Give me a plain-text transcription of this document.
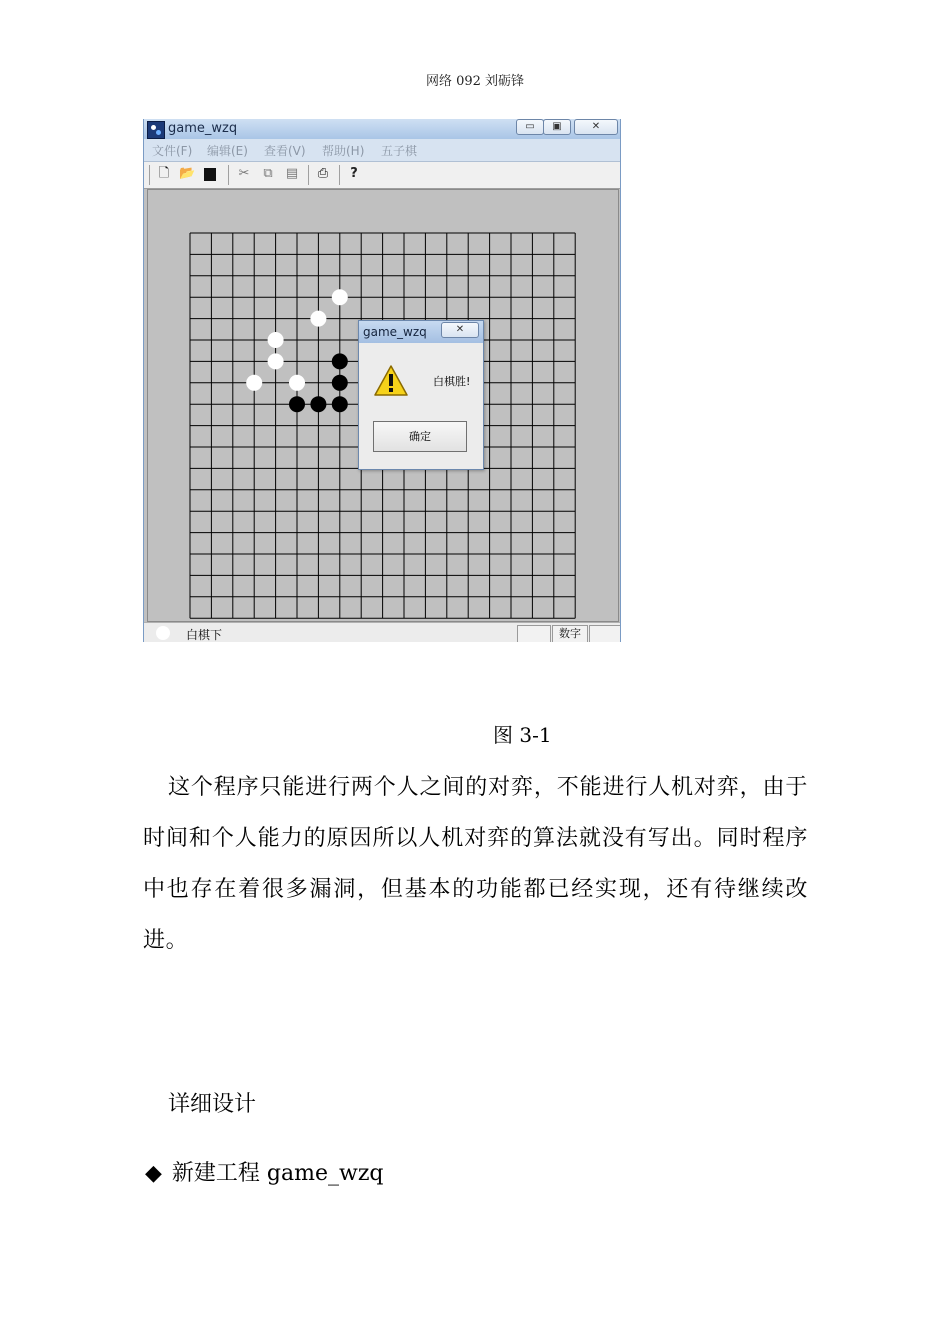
网络 092 刘砺锋
game_wzq	▭	▣	✕
文件(F) 编辑(E) 查看(V) 帮助(H) 五子棋
🗋 📂	✂ ⧉ ▤ ⎙	?
game_wzq	✕
白棋胜!
确定
白棋下	数字
图 3-1
这个程序只能进行两个人之间的对弈，不能进行人机对弈，由于时间和个人能力的原因所以人机对弈的算法就没有写出。同时程序中也存在着很多漏洞，但基本的功能都已经实现，还有待继续改进。
详细设计
◆ 新建工程 game_wzq
